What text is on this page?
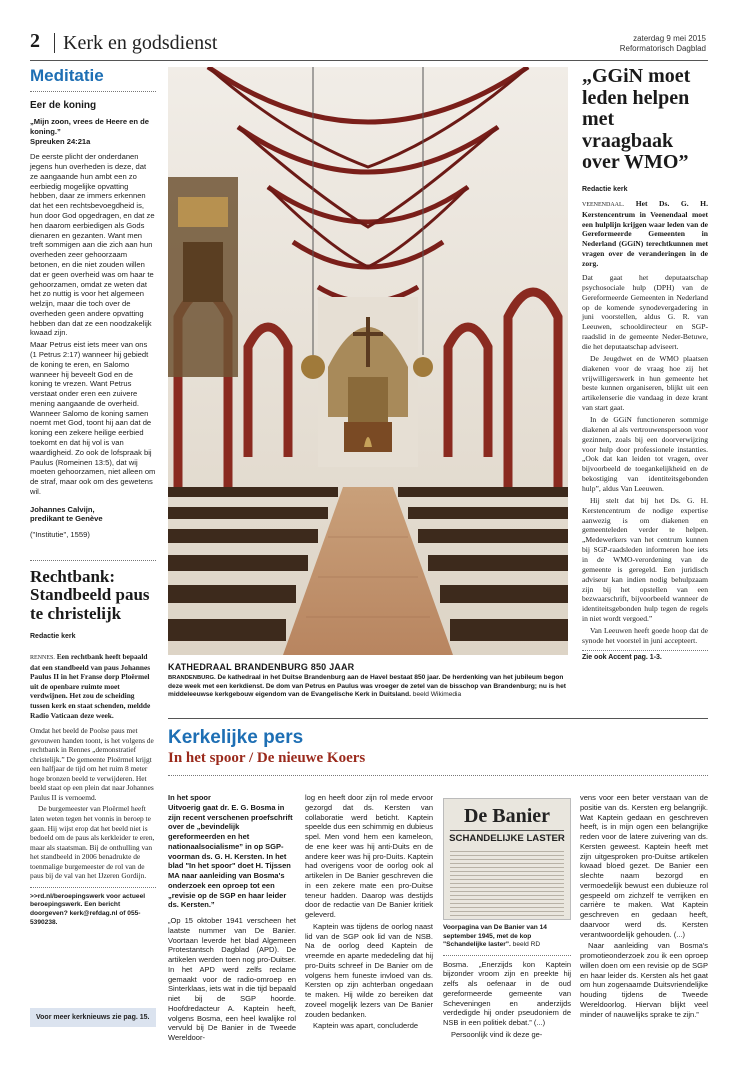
2 Kerk en godsdienst	zaterdag 9 mei 2015
Reformatorisch Dagblad
Meditatie
Eer de koning
„Mijn zoon, vrees de Heere en de koning.”
Spreuken 24:21a
De eerste plicht der onderdanen jegens hun overheden is deze, dat ze aangaande hun ambt een zo eerbiedig mogelijke opvatting hebben, daar ze immers erkennen dat het een rechtsbevoegdheid is, hun door God opgedragen, en dat ze hen daarom eerbiedigen als Gods dienaren en gezanten. Want men treft sommigen aan die zich aan hun overheden zeer gehoorzaam betonen, en die niet zouden willen dat er geen overheid was om haar te gehoorzamen, omdat ze weten dat het zo nuttig is voor het algemeen welzijn, maar die toch over de overheden geen andere opvatting hebben dan dat ze een noodzakelijk kwaad zijn.
Maar Petrus eist iets meer van ons (1 Petrus 2:17) wanneer hij gebiedt de koning te eren, en Salomo wanneer hij beveelt God en de koning te vrezen. Want Petrus verstaat onder eren een zuivere mening aangaande de overheid. Wanneer Salomo de koning samen noemt met God, toont hij aan dat de koning een zekere heilige eerbied toekomt en dat hij vol is van waardigheid. Zo ook de lofspraak bij Paulus (Romeinen 13:5), dat wij moeten gehoorzamen, niet alleen om de straf, maar ook om des gewetens wil.
Johannes Calvijn,
predikant te Genève
("Institutie", 1559)
Rechtbank: Standbeeld paus te christelijk
Redactie kerk
RENNES. Een rechtbank heeft bepaald dat een standbeeld van paus Johannes Paulus II in het Franse dorp Ploërmel uit de openbare ruimte moet verdwijnen. Het zou de scheiding tussen kerk en staat schenden, meldde Radio Vaticaan deze week.
Omdat het beeld de Poolse paus met gevouwen handen toont, is het volgens de rechtbank in Rennes „demonstratief christelijk.” De gemeente Ploërmel krijgt een halfjaar de tijd om het ruim 8 meter hoge bronzen beeld te verwijderen. Het beeld staat op een plein dat naar Johannes Paulus II is vernoemd.
De burgemeester van Ploërmel heeft laten weten tegen het vonnis in beroep te gaan. Hij wijst erop dat het beeld niet is bedoeld om de paus als kerkleider te eren, maar als staatsman. Bij de onthulling van het standbeeld in 2006 benadrukte de toenmalige burgemeester de rol van de paus bij de val van het IJzeren Gordijn.
>>rd.nl/beroepingswerk voor actueel beroepingswerk. Een bericht doorgeven? kerk@refdag.nl of 055-5390238.
Voor meer kerknieuws zie pag. 15.
KATHEDRAAL BRANDENBURG 850 JAAR
BRANDENBURG. De kathedraal in het Duitse Brandenburg aan de Havel bestaat 850 jaar. De herdenking van het jubileum begon deze week met een kerkdienst. De dom van Petrus en Paulus was vroeger de zetel van de bisschop van Brandenburg; nu is het middeleeuwse kerkgebouw eigendom van de Evangelische Kerk in Duitsland. beeld Wikimedia
„GGiN moet leden helpen met vraagbaak over WMO”
Redactie kerk
VEENENDAAL. Het Ds. G. H. Kerstencentrum in Veenendaal moet een hulplijn krijgen waar leden van de Gereformeerde Gemeenten in Nederland (GGiN) terechtkunnen met vragen over de veranderingen in de zorg.
Dat gaat het deputaatschap psychosociale hulp (DPH) van de Gereformeerde Gemeenten in Nederland op de komende synodevergadering in juni voorstellen, aldus G. R. van Leeuwen, schooldirecteur en SGP-raadslid in de gemeente Neder-Betuwe, die het deputaatschap adviseert.
De Jeugdwet en de WMO plaatsen diakenen voor de vraag hoe zij het vrijwilligerswerk in hun gemeente het beste kunnen organiseren, blijkt uit een artikelenserie die vandaag in deze krant van start gaat.
In de GGiN functioneren sommige diakenen al als vertrouwenspersoon voor gezinnen, zoals bij een doorverwijzing voor hulp door professionele instanties. „Ook dat kan leiden tot vragen, over bijvoorbeeld de toegankelijkheid en de bekostiging van identiteitsgebonden hulp”, aldus Van Leeuwen.
Hij stelt dat bij het Ds. G. H. Kerstencentrum de nodige expertise aanwezig is om diakenen en gemeenteleden verder te helpen. „Medewerkers van het centrum kunnen bij SGP-raadsleden informeren hoe iets in de WMO-verordening van de gemeente is geregeld. Een juridisch adviseur kan indien nodig behulpzaam zijn bij het opstellen van een bezwaarschrift, bijvoorbeeld wanneer de identiteitsgebonden hulp tegen de regels in niet wordt vergoed.”
Van Leeuwen heeft goede hoop dat de synode het voorstel in juni accepteert.
Zie ook Accent pag. 1-3.
Kerkelijke pers
In het spoor / De nieuwe Koers
In het spoor
Uitvoerig gaat dr. E. G. Bosma in zijn recent verschenen proefschrift over de „bevindelijk gereformeerden en het nationaalsocialisme” in op SGP-voorman ds. G. H. Kersten. In het blad "In het spoor" doet H. Tijssen MA naar aanleiding van Bosma's onderzoek een oproep tot een „revisie op de SGP en haar leider ds. Kersten.”
„Op 15 oktober 1941 verscheen het laatste nummer van De Banier. Voortaan leverde het blad Algemeen Protestantsch Dagblad (APD). De artikelen werden toen nog pro-Duitser. In het APD werd zelfs reclame gemaakt voor de radio-omroep en Sinterklaas, iets wat in die tijd bepaald niet bij de SGP hoorde. Hoofdredacteur A. Kaptein heeft, volgens Bosma, een heel kwalijke rol vervuld bij De Banier in de Tweede Wereldoor-
log en heeft door zijn rol mede ervoor gezorgd dat ds. Kersten van collaboratie werd beticht. Kaptein speelde dus een schimmig en dubieus spel. Men vond hem een kameleon, de ene keer was hij anti-Duits en de andere keer was hij pro-Duits. Kaptein had overigens voor de oorlog ook al artikelen in De Banier geschreven die in een zekere mate een pro-Duitse teneur hadden. Daarop was destijds door de redactie van De Banier kritiek geleverd.
Kaptein was tijdens de oorlog naast lid van de SGP ook lid van de NSB. Na de oorlog deed Kaptein de vreemde en aparte mededeling dat hij pro-Duits schreef in De Banier om de volgens hem funeste invloed van ds. Kersten op zijn achterban ongedaan te maken. Hij wilde zo bereiken dat zoveel mogelijk lezers van De Banier zouden bedanken.
Kaptein was apart, concluderde
De Banier
SCHANDELIJKE LASTER
Voorpagina van De Banier van 14 september 1945, met de kop "Schandelijke laster". beeld RD
Bosma. „Enerzijds kon Kaptein bijzonder vroom zijn en preekte hij zelfs als oefenaar in de oud gereformeerde gemeente van Scheveningen en anderzijds verdedigde hij onder pseudoniem de NSB in een politiek debat.” (...)
Persoonlijk vind ik deze ge-
vens voor een beter verstaan van de positie van ds. Kersten erg belangrijk. Wat Kaptein gedaan en geschreven heeft, is in mijn ogen een belangrijke reden voor de latere zuivering van ds. Kersten geweest. Kaptein heeft met zijn uitgesproken pro-Duitse artikelen kwaad bloed gezet. De Banier een slechte naam bezorgd en vermoedelijk bewust een dubieuze rol gespeeld om zichzelf te verrijken en carrière te maken. Wat Kaptein geschreven en gedaan heeft, daarvoor werd ds. Kersten verantwoordelijk gehouden. (...)
Naar aanleiding van Bosma's promotieonderzoek zou ik een oproep willen doen om een revisie op de SGP en haar leider ds. Kersten als het gaat om hun zogenaamde Duitsvriendelijke houding tijdens de Tweede Wereldoorlog. Hiervan blijkt veel minder of nauwelijks sprake te zijn.”
